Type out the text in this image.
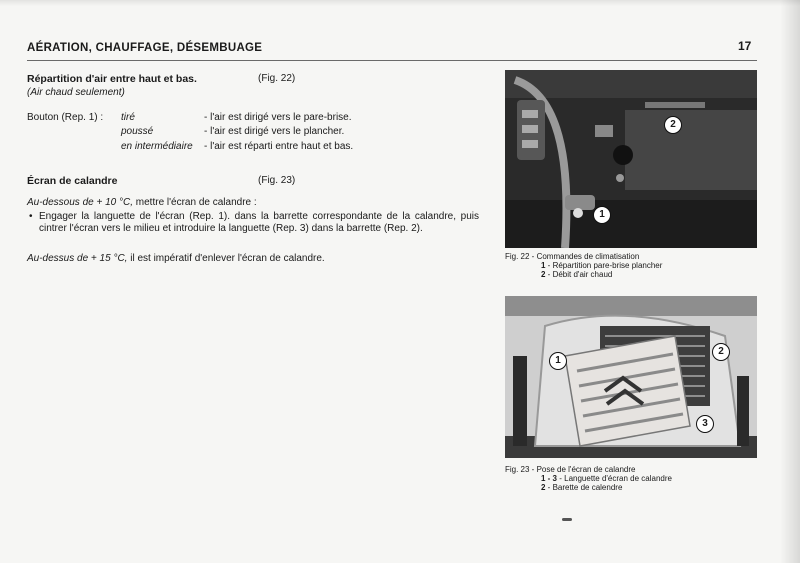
AÉRATION, CHAUFFAGE, DÉSEMBUAGE	17
Répartition d'air entre haut et bas.	(Fig. 22)
(Air chaud seulement)
Bouton (Rep. 1) : tiré	- l'air est dirigé vers le pare-brise.
poussé	- l'air est dirigé vers le plancher.
en intermédiaire - l'air est réparti entre haut et bas.
Écran de calandre	(Fig. 23)
Au-dessous de + 10 °C, mettre l'écran de calandre :
• Engager la languette de l'écran (Rep. 1). dans la barrette correspondante de la calandre, puis cintrer l'écran vers le milieu et introduire la languette (Rep. 3) dans la barrette (Rep. 2).
Au-dessus de + 15 °C, il est impératif d'enlever l'écran de calandre.
2
1
Fig. 22 - Commandes de climatisation
1 - Répartition pare-brise plancher
2 - Débit d'air chaud
1
2
3
Fig. 23 - Pose de l'écran de calandre
1 - 3 - Languette d'écran de calandre
2 - Barette de calendre
